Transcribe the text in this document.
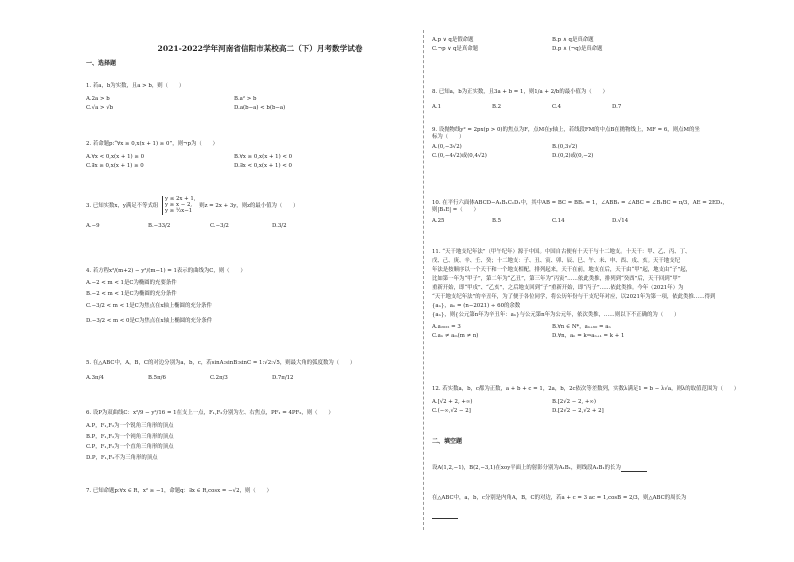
2021-2022学年河南省信阳市某校高二（下）月考数学试卷

一、选择题

1. 若a，b为实数，且a > b，则（　　）
A.2a > b	B.a² > b
C.√a > √b	D.a(b−a) < b(b−a)
2. 若命题p:“∀x ≥ 0,x(x + 1) ≥ 0”，则¬p为（　　）
A.∀x < 0,x(x + 1) ≥ 0	B.∀x ≥ 0,x(x + 1) < 0
C.∃x ≥ 0,x(x + 1) ≥ 0	D.∃x < 0,x(x + 1) < 0
3. 已知实数x，y满足不等式组
y ≤ 2x + 1,
y ≥ x − 2,
y ≥ ½x−1
则z = 2x + 3y，则z的最小值为（　　）
A.−9	B.−33/2	C.−3/2	D.3/2
4. 若方程x²/(m+2) − y²/(m−1) = 1表示的曲线为C，则（　　）
A.−2 < m < 1是C为椭圆的充要条件
B.−2 < m < 1是C为椭圆的充分条件
C.−3/2 < m < 1是C为焦点在x轴上椭圆的充分条件
D.−3/2 < m < 0是C为焦点在x轴上椭圆的充分条件
5. 在△ABC中，A，B，C的对边分别为a，b，c，若sinA:sinB:sinC = 1:√2:√5，则最大角的弧度数为（　　）
A.3π/4	B.5π/6	C.2π/3	D.7π/12
6. 设P为双曲线C：x²/9 − y²/16 = 1在支上一点，F₁,F₂分别为左、右焦点，PF₁ = 4PF₂，则（　　）
A.P，F₁,F₂为一个锐角三角形的顶点
B.P，F₁,F₂为一个钝角三角形的顶点
C.P，F₁,F₂为一个直角三角形的顶点
D.P，F₁,F₂不为三角形的顶点
7. 已知命题p:∀x ∈ R，x² ≥ −1，命题q：∃x ∈ R,cosx = −√2，则（　　）
A.p ∨ q是假命题	B.p ∧ q是真命题
C.¬p ∨ q是真命题	D.p ∧ (¬q)是真命题
8. 已知a，b为正实数，且3a + b = 1，则1/a + 2/b的最小值为（　　）
A.1	B.2	C.4	D.7
9. 设抛物线y² = 2px(p > 0)的焦点为F，点M在y轴上，若线段FM的中点B在抛物线上，MF = 6，则点M的坐
标为（　　）
A.(0,−3√2)	B.(0,3√2)
C.(0,−4√2)或(0,4√2)	D.(0,2)或(0,−2)
10. 在平行六面体ABCD−A₁B₁C₁D₁中，其中AB = BC = BB₁ = 1，∠ABB₁ = ∠ABC = ∠B₁BC = π/3，AE = 2ED₁，
则|B₁E| =（　　）
A.25	B.5	C.14	D.√14
11. “天干地支纪年法”（甲午纪年）源于中国。中国自古便有十天干与十二地支。十天干：甲、乙、丙、丁、
戊、己、庚、辛、壬、癸；十二地支：子、丑、寅、卯、辰、巳、午、未、申、酉、戌、亥。天干地支纪
年法是按顺序以一个天干和一个地支相配，排列起来，天干在前，地支在后，天干由“甲”起，地支由“子”起，
比如第一年为“甲子”，第二年为“乙丑”，第三年为“丙寅”……依此类推，排列到“癸酉”后，天干回到“甲”
重新开始，即“甲戌”、“乙亥”，之后地支回到“子”重新开始，即“丙子”……依此类推。今年（2021年）为
“天干地支纪年法”的辛丑年，为了便于各位同学，将公历年份与干支纪年对应，以2021年为第一项，依此类推……得到
{aₙ}，aₙ = (n−2021) ÷ 60的余数
{aₙ}，则{公元第n年为辛丑年：aₙ}与公元第n年为公元年，依次类推，……则以下不正确的为（　　）
A.a₂₀₂₂ = 3	B.∀n ∈ N*，aₙ₊₆₀ = aₙ
C.aₙ ≠ aₘ(m ≠ n)	D.∀n，aₙ = k⇒aₙ₊₁ = k + 1
12. 若实数a，b，c都为正数，a + b + c = 1，2a，b，2c依次等差数列，实数λ满足1 = b − λ√a，则λ的取值范围为（　　）
A.[√2 + 2, +∞)	B.[2√2 − 2, +∞)
C.(−∞,√2 − 2]	D.[2√2 − 2,√2 + 2]

二、填空题

设A(1,2,−1)，B(2,−3,1)在xoy平面上的射影分别为A₁B₁，则线段A₁B₁的长为
在△ABC中，a，b，c分别是内角A，B，C的对边，若a + c = 3 ac = 1,cosB = 2/3，则△ABC的周长为
